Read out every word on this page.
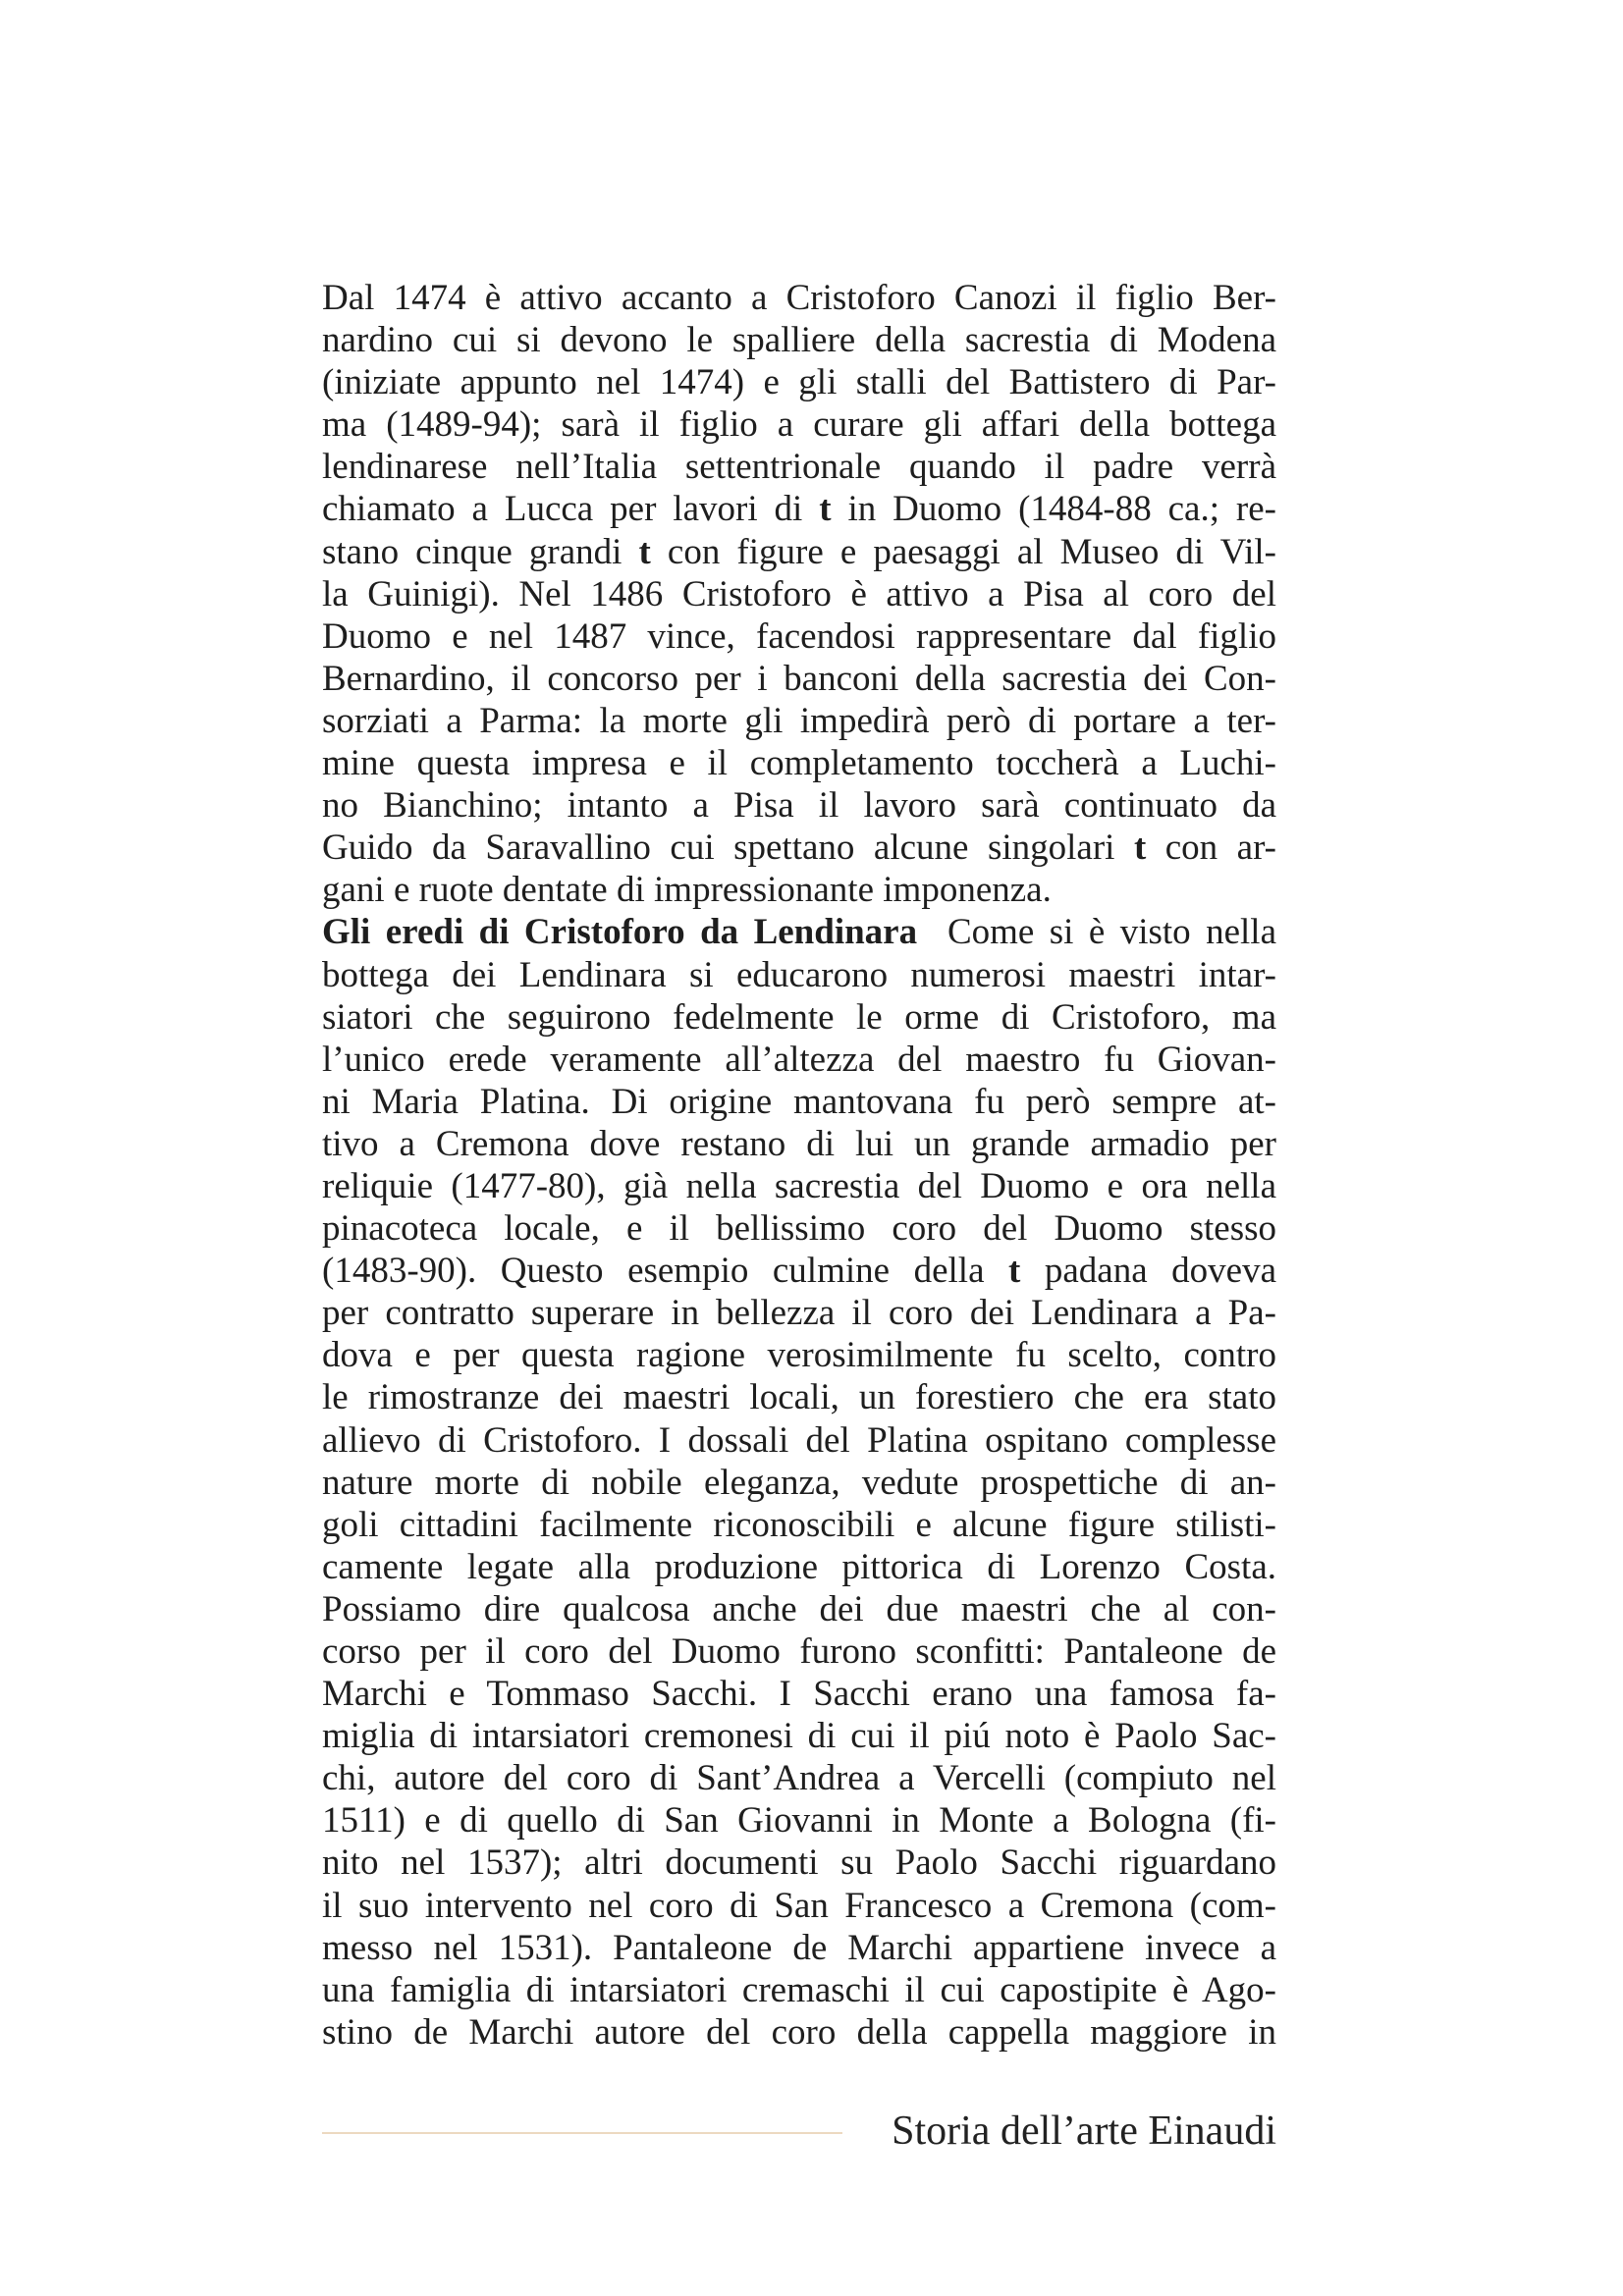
Dal 1474 è attivo accanto a Cristoforo Canozi il figlio Ber-
nardino cui si devono le spalliere della sacrestia di Modena
(iniziate appunto nel 1474) e gli stalli del Battistero di Par-
ma (1489-94); sarà il figlio a curare gli affari della bottega
lendinarese nell’Italia settentrionale quando il padre verrà
chiamato a Lucca per lavori di t in Duomo (1484-88 ca.; re-
stano cinque grandi t con figure e paesaggi al Museo di Vil-
la Guinigi). Nel 1486 Cristoforo è attivo a Pisa al coro del
Duomo e nel 1487 vince, facendosi rappresentare dal figlio
Bernardino, il concorso per i banconi della sacrestia dei Con-
sorziati a Parma: la morte gli impedirà però di portare a ter-
mine questa impresa e il completamento toccherà a Luchi-
no Bianchino; intanto a Pisa il lavoro sarà continuato da
Guido da Saravallino cui spettano alcune singolari t con ar-
gani e ruote dentate di impressionante imponenza.
Gli eredi di Cristoforo da Lendinara  Come si è visto nella
bottega dei Lendinara si educarono numerosi maestri intar-
siatori che seguirono fedelmente le orme di Cristoforo, ma
l’unico erede veramente all’altezza del maestro fu Giovan-
ni Maria Platina. Di origine mantovana fu però sempre at-
tivo a Cremona dove restano di lui un grande armadio per
reliquie (1477-80), già nella sacrestia del Duomo e ora nella
pinacoteca locale, e il bellissimo coro del Duomo stesso
(1483-90). Questo esempio culmine della t padana doveva
per contratto superare in bellezza il coro dei Lendinara a Pa-
dova e per questa ragione verosimilmente fu scelto, contro
le rimostranze dei maestri locali, un forestiero che era stato
allievo di Cristoforo. I dossali del Platina ospitano complesse
nature morte di nobile eleganza, vedute prospettiche di an-
goli cittadini facilmente riconoscibili e alcune figure stilisti-
camente legate alla produzione pittorica di Lorenzo Costa.
Possiamo dire qualcosa anche dei due maestri che al con-
corso per il coro del Duomo furono sconfitti: Pantaleone de
Marchi e Tommaso Sacchi. I Sacchi erano una famosa fa-
miglia di intarsiatori cremonesi di cui il piú noto è Paolo Sac-
chi, autore del coro di Sant’Andrea a Vercelli (compiuto nel
1511) e di quello di San Giovanni in Monte a Bologna (fi-
nito nel 1537); altri documenti su Paolo Sacchi riguardano
il suo intervento nel coro di San Francesco a Cremona (com-
messo nel 1531). Pantaleone de Marchi appartiene invece a
una famiglia di intarsiatori cremaschi il cui capostipite è Ago-
stino de Marchi autore del coro della cappella maggiore in
Storia dell’arte Einaudi
